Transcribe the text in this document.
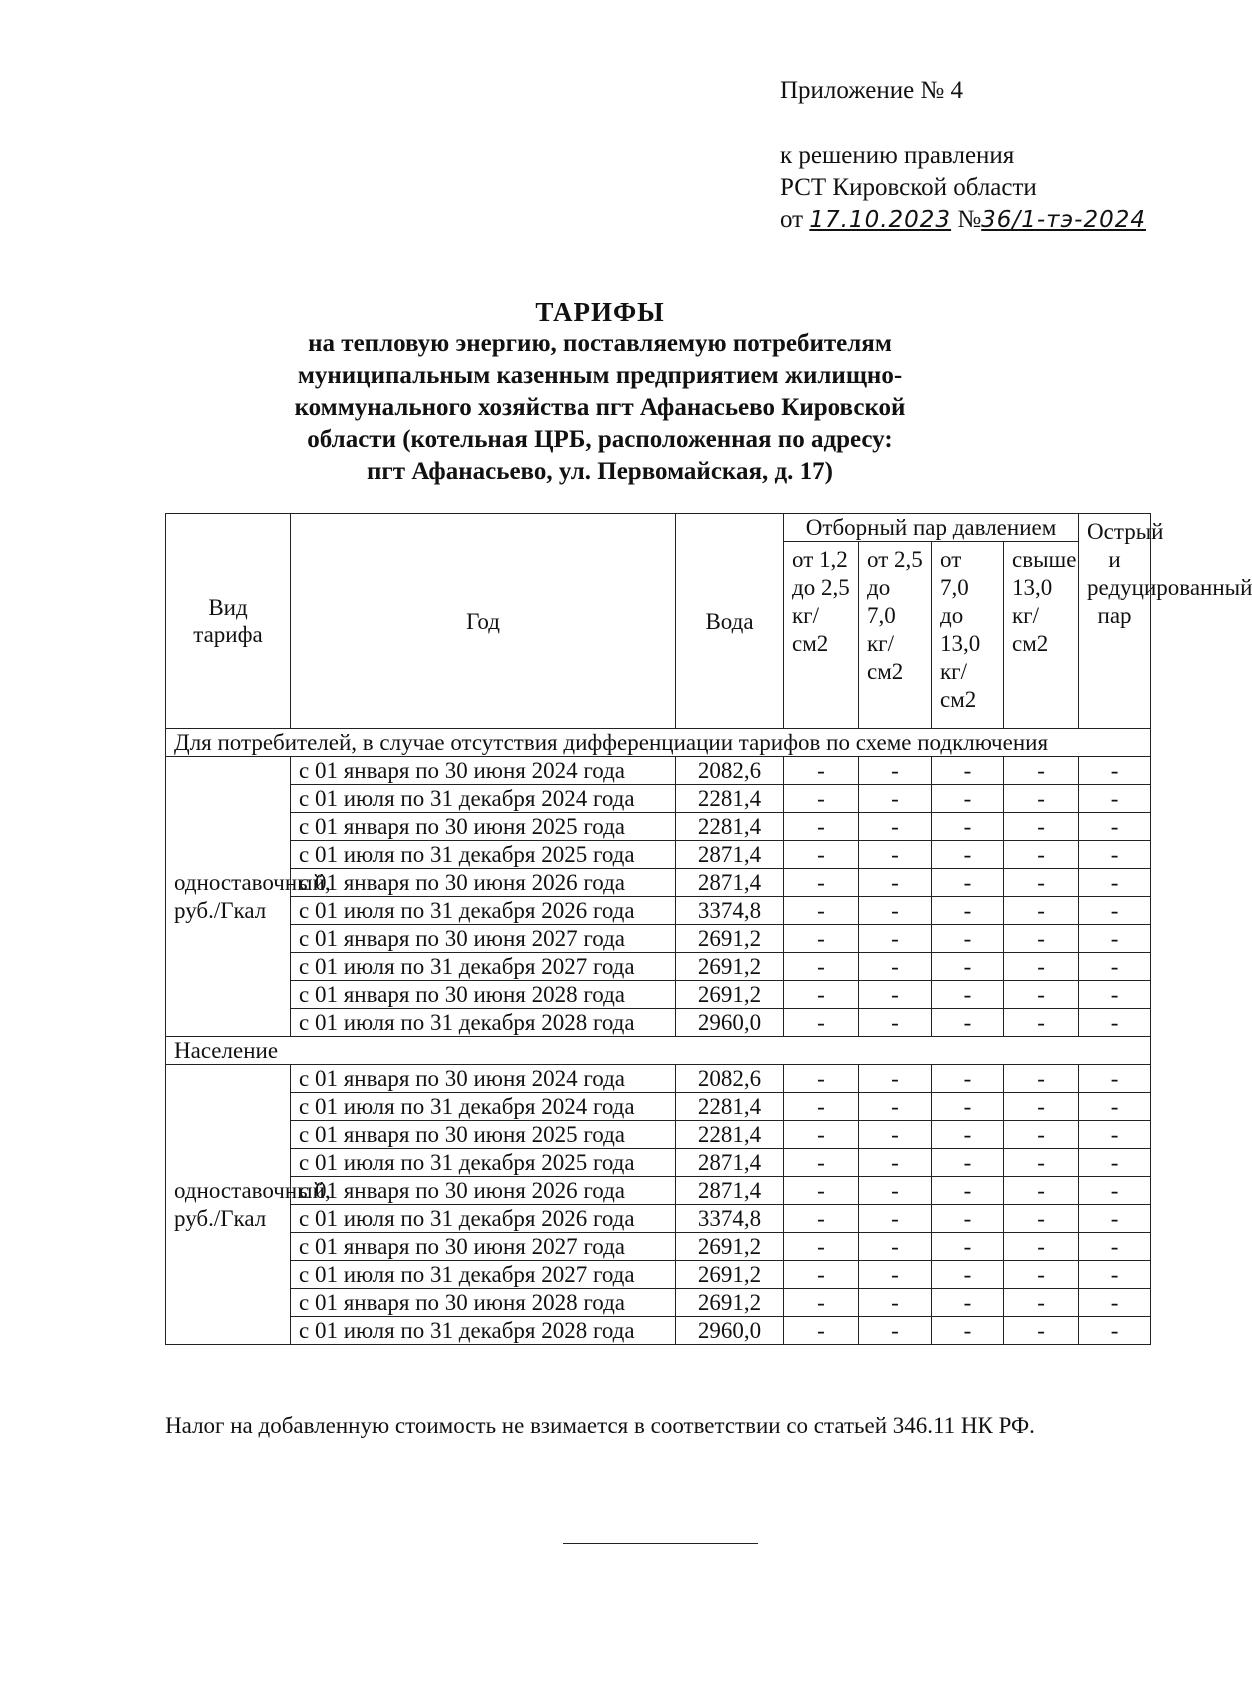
Приложение № 4
к решению правления
РСТ Кировской области
от 17.10.2023 №36/1-тэ-2024
ТАРИФЫ
на тепловую энергию, поставляемую потребителям
муниципальным казенным предприятием жилищно-
коммунального хозяйства пгт Афанасьево Кировской
области (котельная ЦРБ, расположенная по адресу:
пгт Афанасьево, ул. Первомайская, д. 17)
Вид тарифа	Год	Вода	Отборный пар давлением				Острый и редуцированный пар
			от 1,2 до 2,5 кг/см2	от 2,5 до 7,0 кг/см2	от 7,0 до 13,0 кг/см2	свыше 13,0 кг/см2	
Для потребителей, в случае отсутствия дифференциации тарифов по схеме подключения							
одноставочный, руб./Гкал	с 01 января по 30 июня 2024 года	2082,6	-	-	-	-	-
	с 01 июля по 31 декабря 2024 года	2281,4	-	-	-	-	-
	с 01 января по 30 июня 2025 года	2281,4	-	-	-	-	-
	с 01 июля по 31 декабря 2025 года	2871,4	-	-	-	-	-
	с 01 января по 30 июня 2026 года	2871,4	-	-	-	-	-
	с 01 июля по 31 декабря 2026 года	3374,8	-	-	-	-	-
	с 01 января по 30 июня 2027 года	2691,2	-	-	-	-	-
	с 01 июля по 31 декабря 2027 года	2691,2	-	-	-	-	-
	с 01 января по 30 июня 2028 года	2691,2	-	-	-	-	-
	с 01 июля по 31 декабря 2028 года	2960,0	-	-	-	-	-
Население							
одноставочный, руб./Гкал	с 01 января по 30 июня 2024 года	2082,6	-	-	-	-	-
	с 01 июля по 31 декабря 2024 года	2281,4	-	-	-	-	-
	с 01 января по 30 июня 2025 года	2281,4	-	-	-	-	-
	с 01 июля по 31 декабря 2025 года	2871,4	-	-	-	-	-
	с 01 января по 30 июня 2026 года	2871,4	-	-	-	-	-
	с 01 июля по 31 декабря 2026 года	3374,8	-	-	-	-	-
	с 01 января по 30 июня 2027 года	2691,2	-	-	-	-	-
	с 01 июля по 31 декабря 2027 года	2691,2	-	-	-	-	-
	с 01 января по 30 июня 2028 года	2691,2	-	-	-	-	-
	с 01 июля по 31 декабря 2028 года	2960,0	-	-	-	-	-
Налог на добавленную стоимость не взимается в соответствии со статьей 346.11 НК РФ.
